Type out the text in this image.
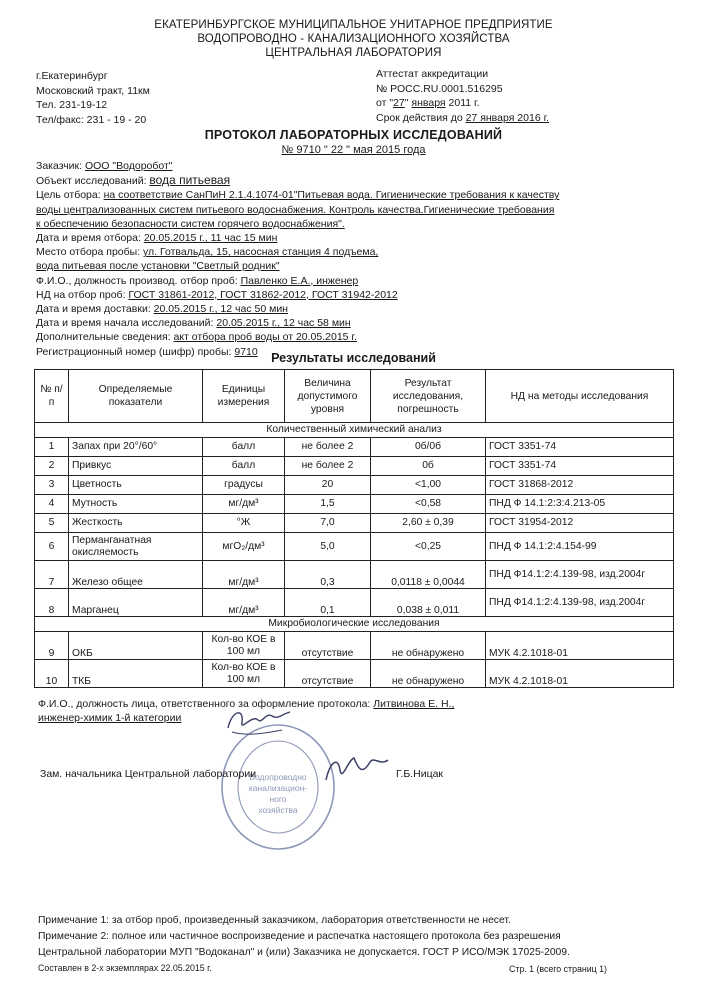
ЕКАТЕРИНБУРГСКОЕ МУНИЦИПАЛЬНОЕ УНИТАРНОЕ ПРЕДПРИЯТИЕ
ВОДОПРОВОДНО - КАНАЛИЗАЦИОННОГО ХОЗЯЙСТВА
ЦЕНТРАЛЬНАЯ ЛАБОРАТОРИЯ
г.Екатеринбург
Московский тракт, 11км
Тел. 231-19-12
Тел/факс: 231 - 19 - 20
Аттестат аккредитации
№ РОСС.RU.0001.516295
от "27" января 2011 г.
Срок действия до 27 января 2016 г.
ПРОТОКОЛ ЛАБОРАТОРНЫХ ИССЛЕДОВАНИЙ
№ 9710 " 22 " мая 2015 года
Заказчик: ООО "Водоробот"
Объект исследований: вода питьевая
Цель отбора: на соответствие СанПиН 2.1.4.1074-01"Питьевая вода. Гигиенические требования к качеству
воды централизованных систем питьевого водоснабжения. Контроль качества.Гигиенические требования
к обеспечению безопасности систем горячего водоснабжения".
Дата и время отбора: 20.05.2015 г., 11 час 15 мин
Место отбора пробы: ул. Готвальда, 15, насосная станция 4 подъема,
вода питьевая после установки "Светлый родник"
Ф.И.О., должность производ. отбор проб: Павленко Е.А., инженер
НД на отбор проб: ГОСТ 31861-2012, ГОСТ 31862-2012, ГОСТ 31942-2012
Дата и время доставки: 20.05.2015 г., 12 час 50 мин
Дата и время начала исследований: 20.05.2015 г., 12 час 58 мин
Дополнительные сведения: акт отбора проб воды от 20.05.2015 г.
Регистрационный номер (шифр) пробы: 9710	Результаты исследований
№ п/п	Определяемые показатели	Единицы измерения	Величина допустимого уровня	Результат исследования, погрешность	НД на методы исследования
Количественный химический анализ					
1	Запах при 20°/60°	балл	не более 2	0б/0б	ГОСТ 3351-74
2	Привкус	балл	не более 2	0б	ГОСТ 3351-74
3	Цветность	градусы	20	<1,00	ГОСТ 31868-2012
4	Мутность	мг/дм³	1,5	<0,58	ПНД Ф 14.1:2:3:4.213-05
5	Жесткость	°Ж	7,0	2,60 ± 0,39	ГОСТ 31954-2012
6	Перманганатная окисляемость	мгО₂/дм³	5,0	<0,25	ПНД Ф 14.1:2:4.154-99
7	Железо общее	мг/дм³	0,3	0,0118 ± 0,0044	ПНД Ф14.1:2:4.139-98, изд.2004г
8	Марганец	мг/дм³	0,1	0,038 ± 0,011	ПНД Ф14.1:2:4.139-98, изд.2004г
Микробиологические исследования					
9	ОКБ	Кол-во КОЕ в 100 мл	отсутствие	не обнаружено	МУК 4.2.1018-01
10	ТКБ	Кол-во КОЕ в 100 мл	отсутствие	не обнаружено	МУК 4.2.1018-01
Ф.И.О., должность лица, ответственного за оформление протокола: Литвинова Е. Н.,
инженер-химик 1-й категории
Водопроводно
канализацион-
ного
хозяйства
Зам. начальника Центральной лаборатории	Г.Б.Ницак
Примечание 1: за отбор проб, произведенный заказчиком, лаборатория ответственности не несет.
Примечание 2: полное или частичное воспроизведение и распечатка настоящего протокола без разрешения
Центральной лаборатории МУП "Водоканал" и (или) Заказчика не допускается. ГОСТ Р ИСО/МЭК 17025-2009.
Составлен в 2-х экземплярах 22.05.2015 г.	Стр. 1 (всего страниц 1)
